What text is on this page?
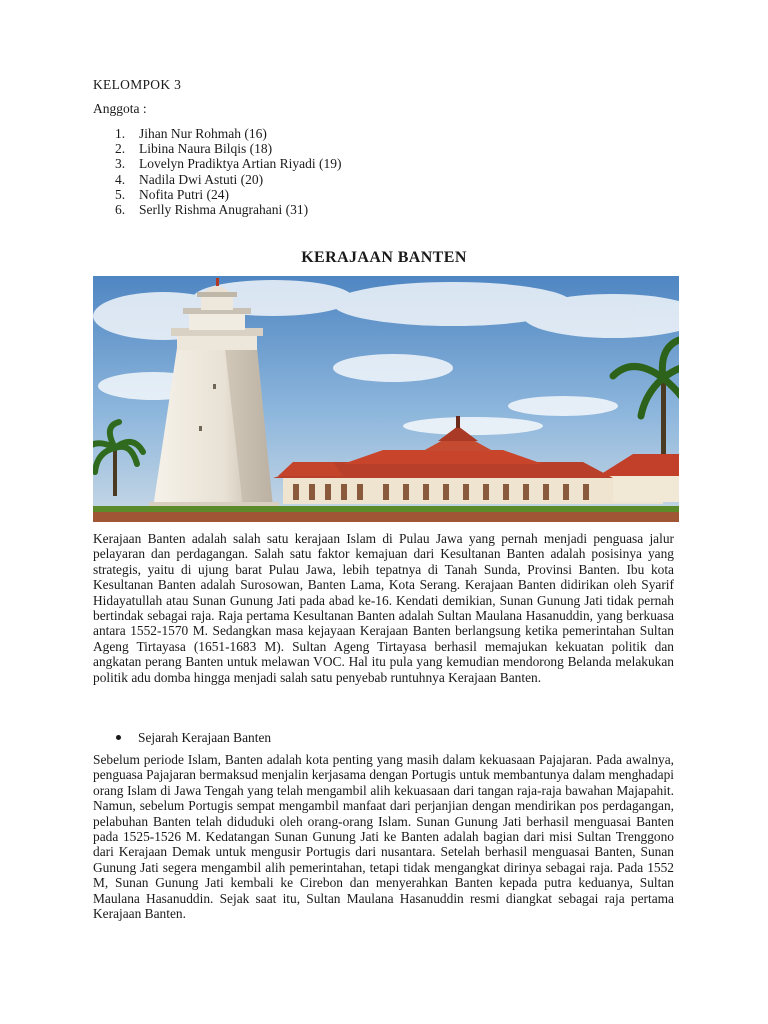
KELOMPOK 3
Anggota :
1. Jihan Nur Rohmah (16)
2. Libina Naura Bilqis (18)
3. Lovelyn Pradiktya Artian Riyadi (19)
4. Nadila Dwi Astuti (20)
5. Nofita Putri (24)
6. Serlly Rishma Anugrahani (31)
KERAJAAN BANTEN

Kerajaan Banten adalah salah satu kerajaan Islam di Pulau Jawa yang pernah menjadi penguasa jalur pelayaran dan perdagangan. Salah satu faktor kemajuan dari Kesultanan Banten adalah posisinya yang strategis, yaitu di ujung barat Pulau Jawa, lebih tepatnya di Tanah Sunda, Provinsi Banten. Ibu kota Kesultanan Banten adalah Surosowan, Banten Lama, Kota Serang. Kerajaan Banten didirikan oleh Syarif Hidayatullah atau Sunan Gunung Jati pada abad ke-16. Kendati demikian, Sunan Gunung Jati tidak pernah bertindak sebagai raja. Raja pertama Kesultanan Banten adalah Sultan Maulana Hasanuddin, yang berkuasa antara 1552-1570 M. Sedangkan masa kejayaan Kerajaan Banten berlangsung ketika pemerintahan Sultan Ageng Tirtayasa (1651-1683 M). Sultan Ageng Tirtayasa berhasil memajukan kekuatan politik dan angkatan perang Banten untuk melawan VOC. Hal itu pula yang kemudian mendorong Belanda melakukan politik adu domba hingga menjadi salah satu penyebab runtuhnya Kerajaan Banten.

Sejarah Kerajaan Banten

Sebelum periode Islam, Banten adalah kota penting yang masih dalam kekuasaan Pajajaran. Pada awalnya, penguasa Pajajaran bermaksud menjalin kerjasama dengan Portugis untuk membantunya dalam menghadapi orang Islam di Jawa Tengah yang telah mengambil alih kekuasaan dari tangan raja-raja bawahan Majapahit. Namun, sebelum Portugis sempat mengambil manfaat dari perjanjian dengan mendirikan pos perdagangan, pelabuhan Banten telah diduduki oleh orang-orang Islam. Sunan Gunung Jati berhasil menguasai Banten pada 1525-1526 M. Kedatangan Sunan Gunung Jati ke Banten adalah bagian dari misi Sultan Trenggono dari Kerajaan Demak untuk mengusir Portugis dari nusantara. Setelah berhasil menguasai Banten, Sunan Gunung Jati segera mengambil alih pemerintahan, tetapi tidak mengangkat dirinya sebagai raja. Pada 1552 M, Sunan Gunung Jati kembali ke Cirebon dan menyerahkan Banten kepada putra keduanya, Sultan Maulana Hasanuddin. Sejak saat itu, Sultan Maulana Hasanuddin resmi diangkat sebagai raja pertama Kerajaan Banten.
